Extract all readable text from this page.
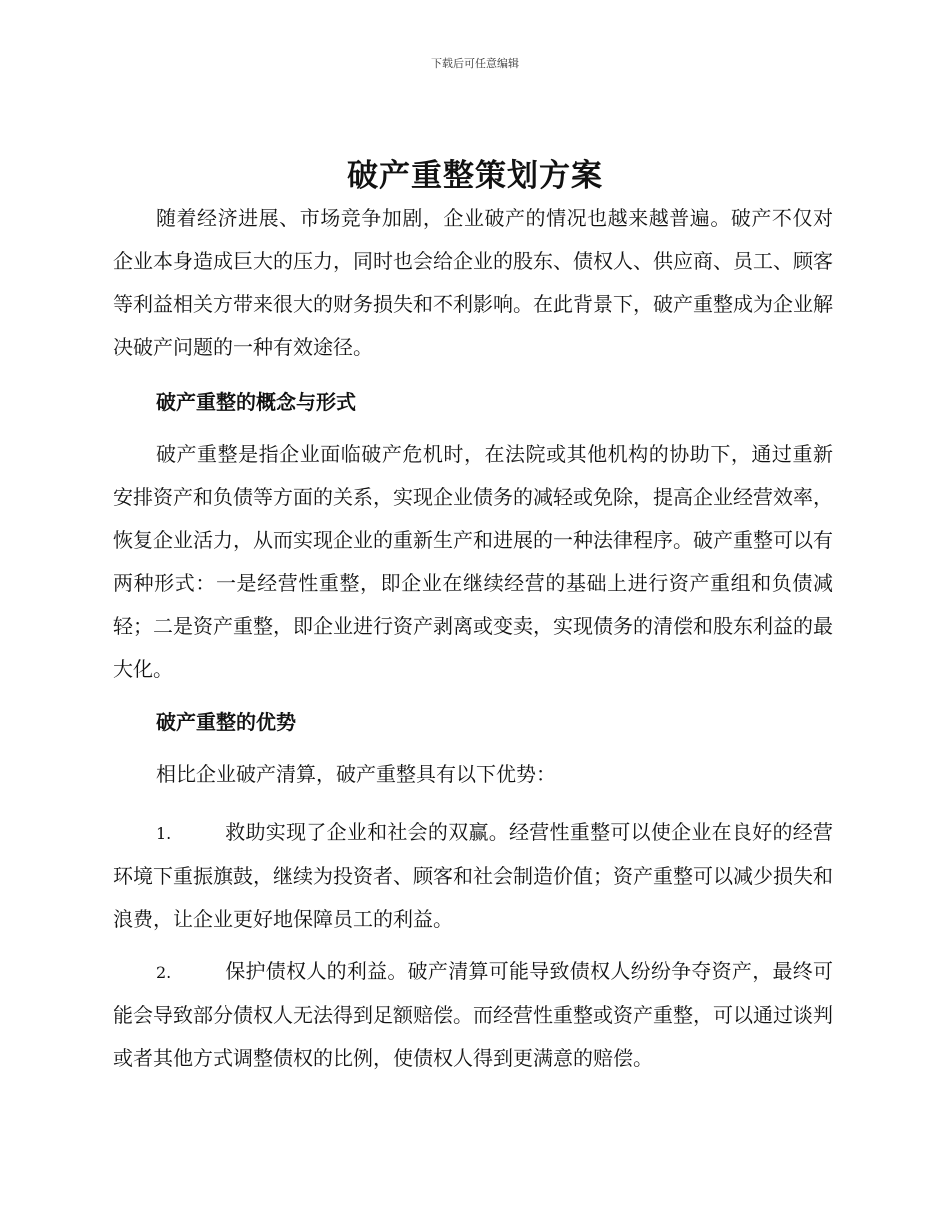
下载后可任意编辑
破产重整策划方案

随着经济进展、市场竞争加剧，企业破产的情况也越来越普遍。破产不仅对企业本身造成巨大的压力，同时也会给企业的股东、债权人、供应商、员工、顾客等利益相关方带来很大的财务损失和不利影响。在此背景下，破产重整成为企业解决破产问题的一种有效途径。

破产重整的概念与形式

破产重整是指企业面临破产危机时，在法院或其他机构的协助下，通过重新安排资产和负债等方面的关系，实现企业债务的减轻或免除，提高企业经营效率，恢复企业活力，从而实现企业的重新生产和进展的一种法律程序。破产重整可以有两种形式：一是经营性重整，即企业在继续经营的基础上进行资产重组和负债减轻；二是资产重整，即企业进行资产剥离或变卖，实现债务的清偿和股东利益的最大化。

破产重整的优势

相比企业破产清算，破产重整具有以下优势：

1.	救助实现了企业和社会的双赢。经营性重整可以使企业在良好的经营环境下重振旗鼓，继续为投资者、顾客和社会制造价值；资产重整可以减少损失和浪费，让企业更好地保障员工的利益。

2.	保护债权人的利益。破产清算可能导致债权人纷纷争夺资产，最终可能会导致部分债权人无法得到足额赔偿。而经营性重整或资产重整，可以通过谈判或者其他方式调整债权的比例，使债权人得到更满意的赔偿。
